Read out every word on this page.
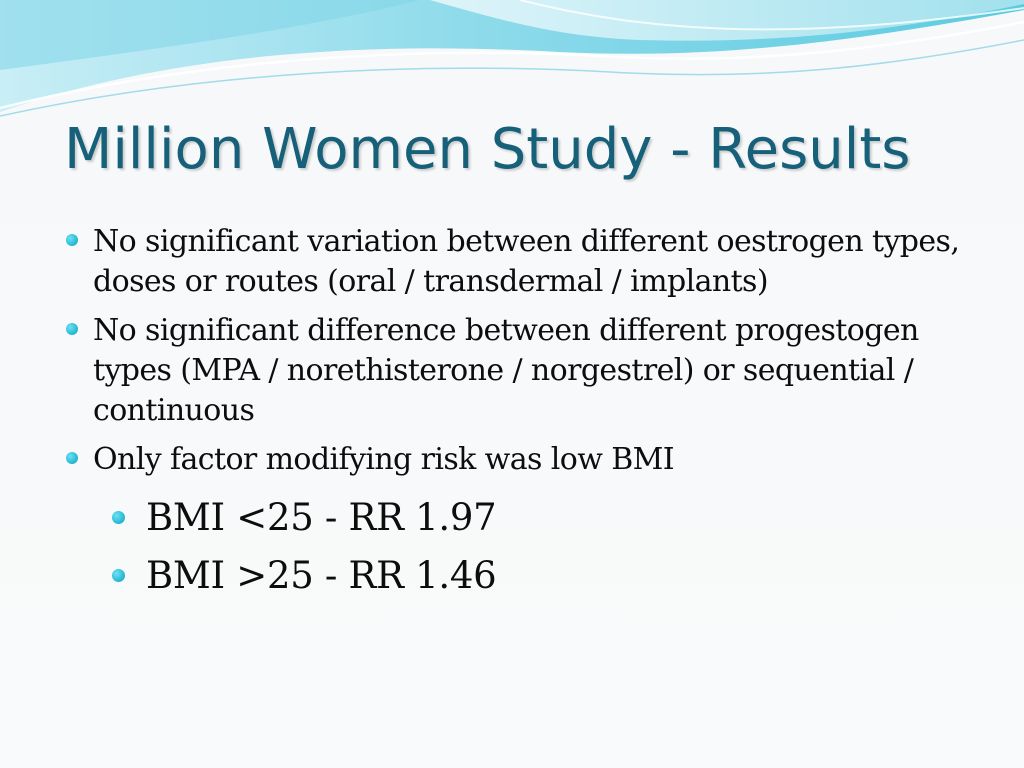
Million Women Study - Results
No significant variation between different oestrogen types, doses or routes (oral / transdermal / implants)
No significant difference between different progestogen types (MPA / norethisterone / norgestrel) or sequential / continuous
Only factor modifying risk was low BMI
BMI <25 - RR 1.97
BMI >25 - RR 1.46
